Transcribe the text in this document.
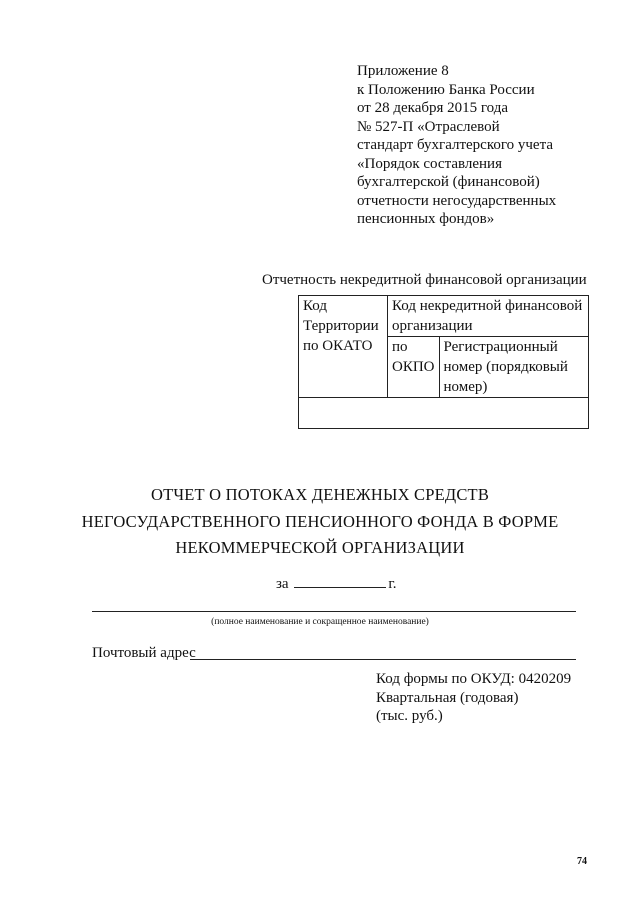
Приложение 8
к Положению Банка России
от 28 декабря 2015 года
№ 527-П «Отраслевой
стандарт бухгалтерского учета
«Порядок составления
бухгалтерской (финансовой)
отчетности негосударственных
пенсионных фондов»
Отчетность некредитной финансовой организации
Код Территории по ОКАТО	Код некредитной финансовой организации	
	по ОКПО	Регистрационный номер (порядковый номер)

ОТЧЕТ О ПОТОКАХ ДЕНЕЖНЫХ СРЕДСТВ
НЕГОСУДАРСТВЕННОГО ПЕНСИОННОГО ФОНДА В ФОРМЕ
НЕКОММЕРЧЕСКОЙ ОРГАНИЗАЦИИ
за	г.
(полное наименование и сокращенное наименование)
Почтовый адрес
Код формы по ОКУД: 0420209
Квартальная (годовая)
(тыс. руб.)
74
